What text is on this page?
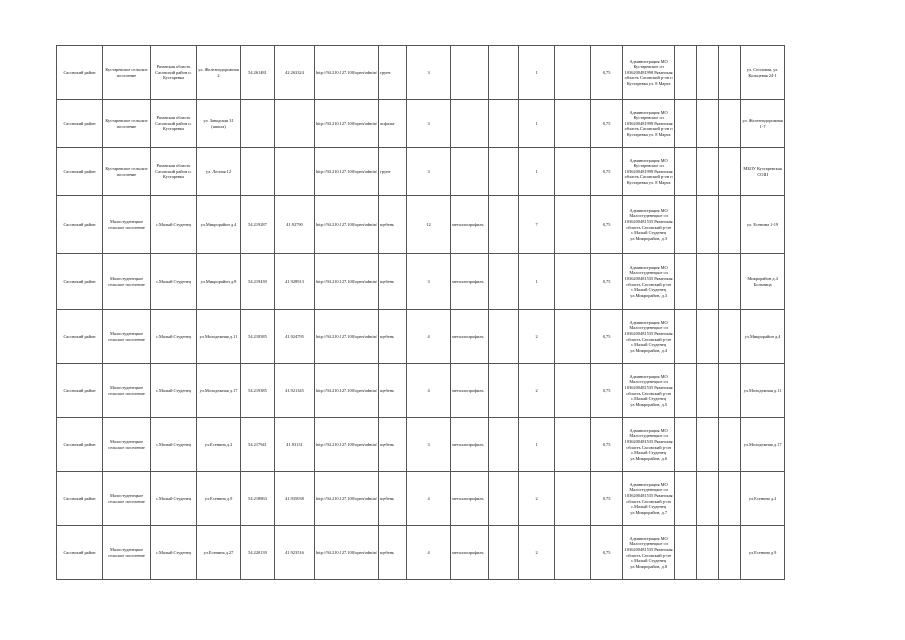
Сасовский район	Кустаревское сельское поселение	Рязанская область Сасовский район п. Кустаревка	ул. Железнодорожная 2	54.261481	42.263324	http://94.210.127.100/open/admin/	грунт	3			1		0,75	Администрация МО Кустаревское сп 1036200481998 Рязанская область Сасовский р-он п Кустаревка ул. 8 Марта				ул. Сосновая, ул. Кольцевая 24-1
Сасовский район	Кустаревское сельское поселение	Рязанская область Сасовский район п. Кустаревка	ул. Заводская 31 (школа)			http://94.210.127.100/open/admin/	асфальт	3			1		0,75	Администрация МО Кустаревское сп 1036200481998 Рязанская область Сасовский р-он п Кустаревка ул. 8 Марта				ул. Железнодорожная 1-7
Сасовский район	Кустаревское сельское поселение	Рязанская область Сасовский район п. Кустаревка	ул. Лесная 12			http://94.210.127.100/open/admin/	грунт	3			1		0,75	Администрация МО Кустаревское сп 1036200481998 Рязанская область Сасовский р-он п Кустаревка ул. 8 Марта				МБОУ Кустаревская СОШ
Сасовский район	Малостуденецкое сельское поселение	с.Малый Студенец	ул.Микрорайон д.4	54.219287	41.92790	http://94.210.127.100/open/admin/	щебень	12	металлопрофиль		7		0,75	Администрация МО Малостуденецкое сп 1036200481535 Рязанская область Сасовский р-он с.Малый Студенец ул.Микрорайон, д.3				ул. Есенина 1-19
Сасовский район	Малостуденецкое сельское поселение	с.Малый Студенец	ул.Микрорайон д.8	54.219439	41.928913	http://94.210.127.100/open/admin/	щебень	3	металлопрофиль		1		0,75	Администрация МО Малостуденецкое сп 1036200481535 Рязанская область Сасовский р-он с.Малый Студенец ул.Микрорайон, д.3				Микрорайон д.4 Больница
Сасовский район	Малостуденецкое сельское поселение	с.Малый Студенец	ул.Молодежная д.11	54.218385	41.924795	http://94.210.127.100/open/admin/	щебень	4	металлопрофиль		2		0,75	Администрация МО Малостуденецкое сп 1036200481535 Рязанская область Сасовский р-он с.Малый Студенец ул.Микрорайон, д.4				ул.Микрорайон д.4
Сасовский район	Малостуденецкое сельское поселение	с.Малый Студенец	ул.Молодежная д.17	54.219385	41.921345	http://94.210.127.100/open/admin/	щебень	4	металлопрофиль		2		0,75	Администрация МО Малостуденецкое сп 1036200481535 Рязанская область Сасовский р-он с.Малый Студенец ул.Микрорайон, д.5				ул.Молодежная д.11
Сасовский район	Малостуденецкое сельское поселение	с.Малый Студенец	ул.Есенина д.2	54.217941	41.93131	http://94.210.127.100/open/admin/	щебень	3	металлопрофиль		1		0,75	Администрация МО Малостуденецкое сп 1036200481535 Рязанская область Сасовский р-он с.Малый Студенец ул.Микрорайон, д.6				ул.Молодежная д.17
Сасовский район	Малостуденецкое сельское поселение	с.Малый Студенец	ул.Есенина д.9	54.218863	41.935038	http://94.210.127.100/open/admin/	щебень	4	металлопрофиль		2		0,75	Администрация МО Малостуденецкое сп 1036200481535 Рязанская область Сасовский р-он с.Малый Студенец ул.Микрорайон, д.7				ул.Есенина д.2
Сасовский район	Малостуденецкое сельское поселение	с.Малый Студенец	ул.Есенина д.27	54.220139	41.923516	http://94.210.127.100/open/admin/	щебень	4	металлопрофиль		2		0,75	Администрация МО Малостуденецкое сп 1036200481535 Рязанская область Сасовский р-он с.Малый Студенец ул.Микрорайон, д.8				ул.Есенина д.9
